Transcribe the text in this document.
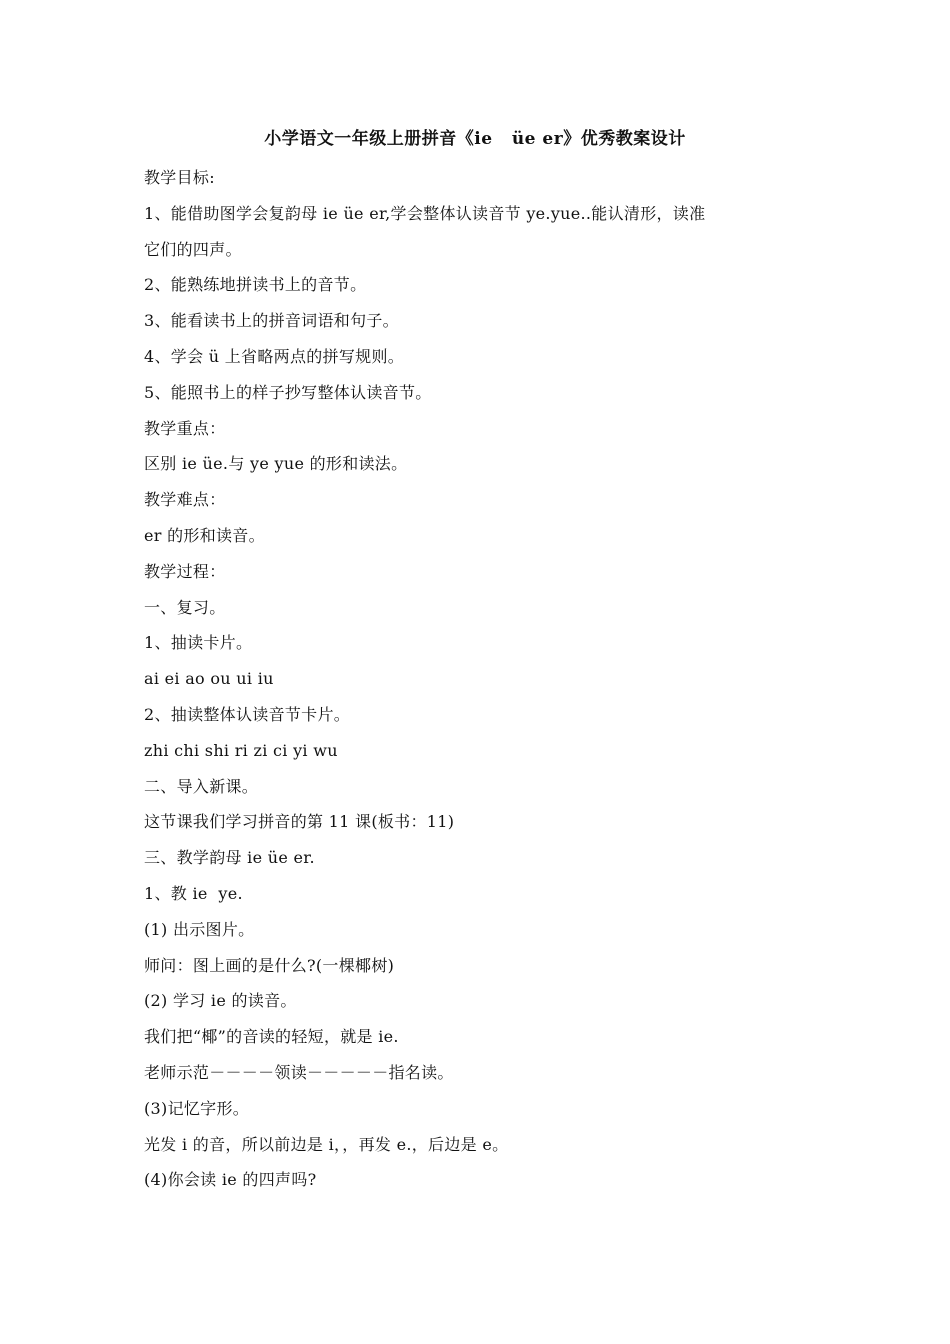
小学语文一年级上册拼音《ie   üe er》优秀教案设计
教学目标:
1、能借助图学会复韵母 ie üe er,学会整体认读音节 ye.yue..能认清形，读准
它们的四声。
2、能熟练地拼读书上的音节。
3、能看读书上的拼音词语和句子。
4、学会 ü 上省略两点的拼写规则。
5、能照书上的样子抄写整体认读音节。
教学重点：
区别 ie üe.与 ye yue 的形和读法。
教学难点：
er 的形和读音。
教学过程：
一、复习。
1、抽读卡片。
ai ei ao ou ui iu
2、抽读整体认读音节卡片。
zhi chi shi ri zi ci yi wu
二、导入新课。
这节课我们学习拼音的第 11 课(板书：11)
三、教学韵母 ie üe er.
1、教 ie  ye.
(1) 出示图片。
师问：图上画的是什么?(一棵椰树)
(2) 学习 ie 的读音。
我们把“椰”的音读的轻短，就是 ie.
老师示范－－－－领读－－－－－指名读。
(3)记忆字形。
光发 i 的音，所以前边是 i，，再发 e.，后边是 e。
(4)你会读 ie 的四声吗?
